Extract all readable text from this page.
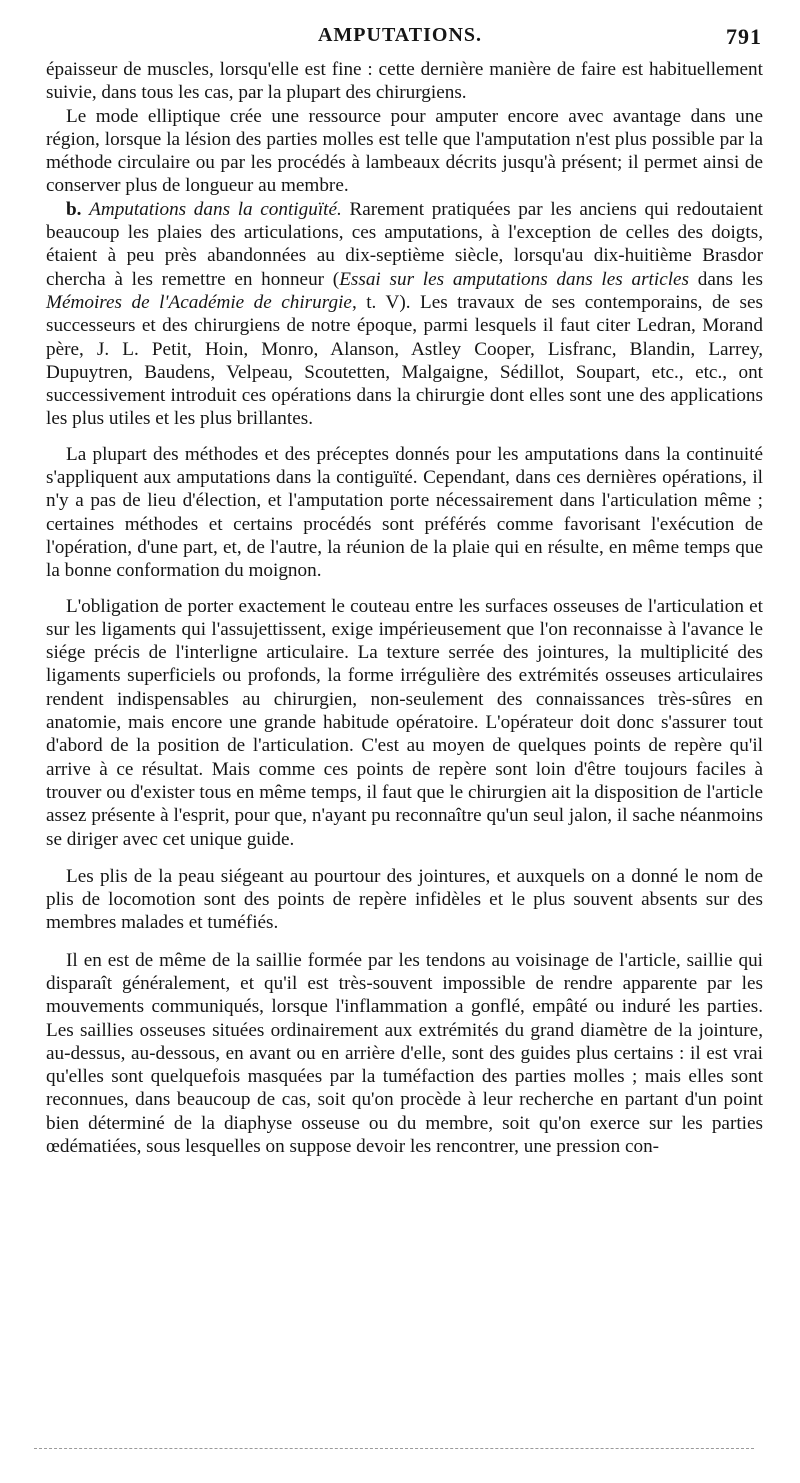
AMPUTATIONS.	791

épaisseur de muscles, lorsqu'elle est fine : cette dernière manière de faire est habituellement suivie, dans tous les cas, par la plupart des chirurgiens.

Le mode elliptique crée une ressource pour amputer encore avec avantage dans une région, lorsque la lésion des parties molles est telle que l'amputation n'est plus possible par la méthode circulaire ou par les procédés à lambeaux décrits jusqu'à présent; il permet ainsi de conserver plus de longueur au membre.

b. Amputations dans la contiguïté. Rarement pratiquées par les anciens qui redoutaient beaucoup les plaies des articulations, ces amputations, à l'exception de celles des doigts, étaient à peu près abandonnées au dix-septième siècle, lorsqu'au dix-huitième Brasdor chercha à les remettre en honneur (Essai sur les amputations dans les articles dans les Mémoires de l'Académie de chirurgie, t. V). Les travaux de ses contemporains, de ses successeurs et des chirurgiens de notre époque, parmi lesquels il faut citer Ledran, Morand père, J. L. Petit, Hoin, Monro, Alanson, Astley Cooper, Lisfranc, Blandin, Larrey, Dupuytren, Baudens, Velpeau, Scoutetten, Malgaigne, Sédillot, Soupart, etc., etc., ont successivement introduit ces opérations dans la chirurgie dont elles sont une des applications les plus utiles et les plus brillantes.

La plupart des méthodes et des préceptes donnés pour les amputations dans la continuité s'appliquent aux amputations dans la contiguïté. Cependant, dans ces dernières opérations, il n'y a pas de lieu d'élection, et l'amputation porte nécessairement dans l'articulation même ; certaines méthodes et certains procédés sont préférés comme favorisant l'exécution de l'opération, d'une part, et, de l'autre, la réunion de la plaie qui en résulte, en même temps que la bonne conformation du moignon.

L'obligation de porter exactement le couteau entre les surfaces osseuses de l'articulation et sur les ligaments qui l'assujettissent, exige impérieusement que l'on reconnaisse à l'avance le siége précis de l'interligne articulaire. La texture serrée des jointures, la multiplicité des ligaments superficiels ou profonds, la forme irrégulière des extrémités osseuses articulaires rendent indispensables au chirurgien, non-seulement des connaissances très-sûres en anatomie, mais encore une grande habitude opératoire. L'opérateur doit donc s'assurer tout d'abord de la position de l'articulation. C'est au moyen de quelques points de repère qu'il arrive à ce résultat. Mais comme ces points de repère sont loin d'être toujours faciles à trouver ou d'exister tous en même temps, il faut que le chirurgien ait la disposition de l'article assez présente à l'esprit, pour que, n'ayant pu reconnaître qu'un seul jalon, il sache néanmoins se diriger avec cet unique guide.

Les plis de la peau siégeant au pourtour des jointures, et auxquels on a donné le nom de plis de locomotion sont des points de repère infidèles et le plus souvent absents sur des membres malades et tuméfiés.

Il en est de même de la saillie formée par les tendons au voisinage de l'article, saillie qui disparaît généralement, et qu'il est très-souvent impossible de rendre apparente par les mouvements communiqués, lorsque l'inflammation a gonflé, empâté ou induré les parties. Les saillies osseuses situées ordinairement aux extrémités du grand diamètre de la jointure, au-dessus, au-dessous, en avant ou en arrière d'elle, sont des guides plus certains : il est vrai qu'elles sont quelquefois masquées par la tuméfaction des parties molles ; mais elles sont reconnues, dans beaucoup de cas, soit qu'on procède à leur recherche en partant d'un point bien déterminé de la diaphyse osseuse ou du membre, soit qu'on exerce sur les parties œdématiées, sous lesquelles on suppose devoir les rencontrer, une pression con-
